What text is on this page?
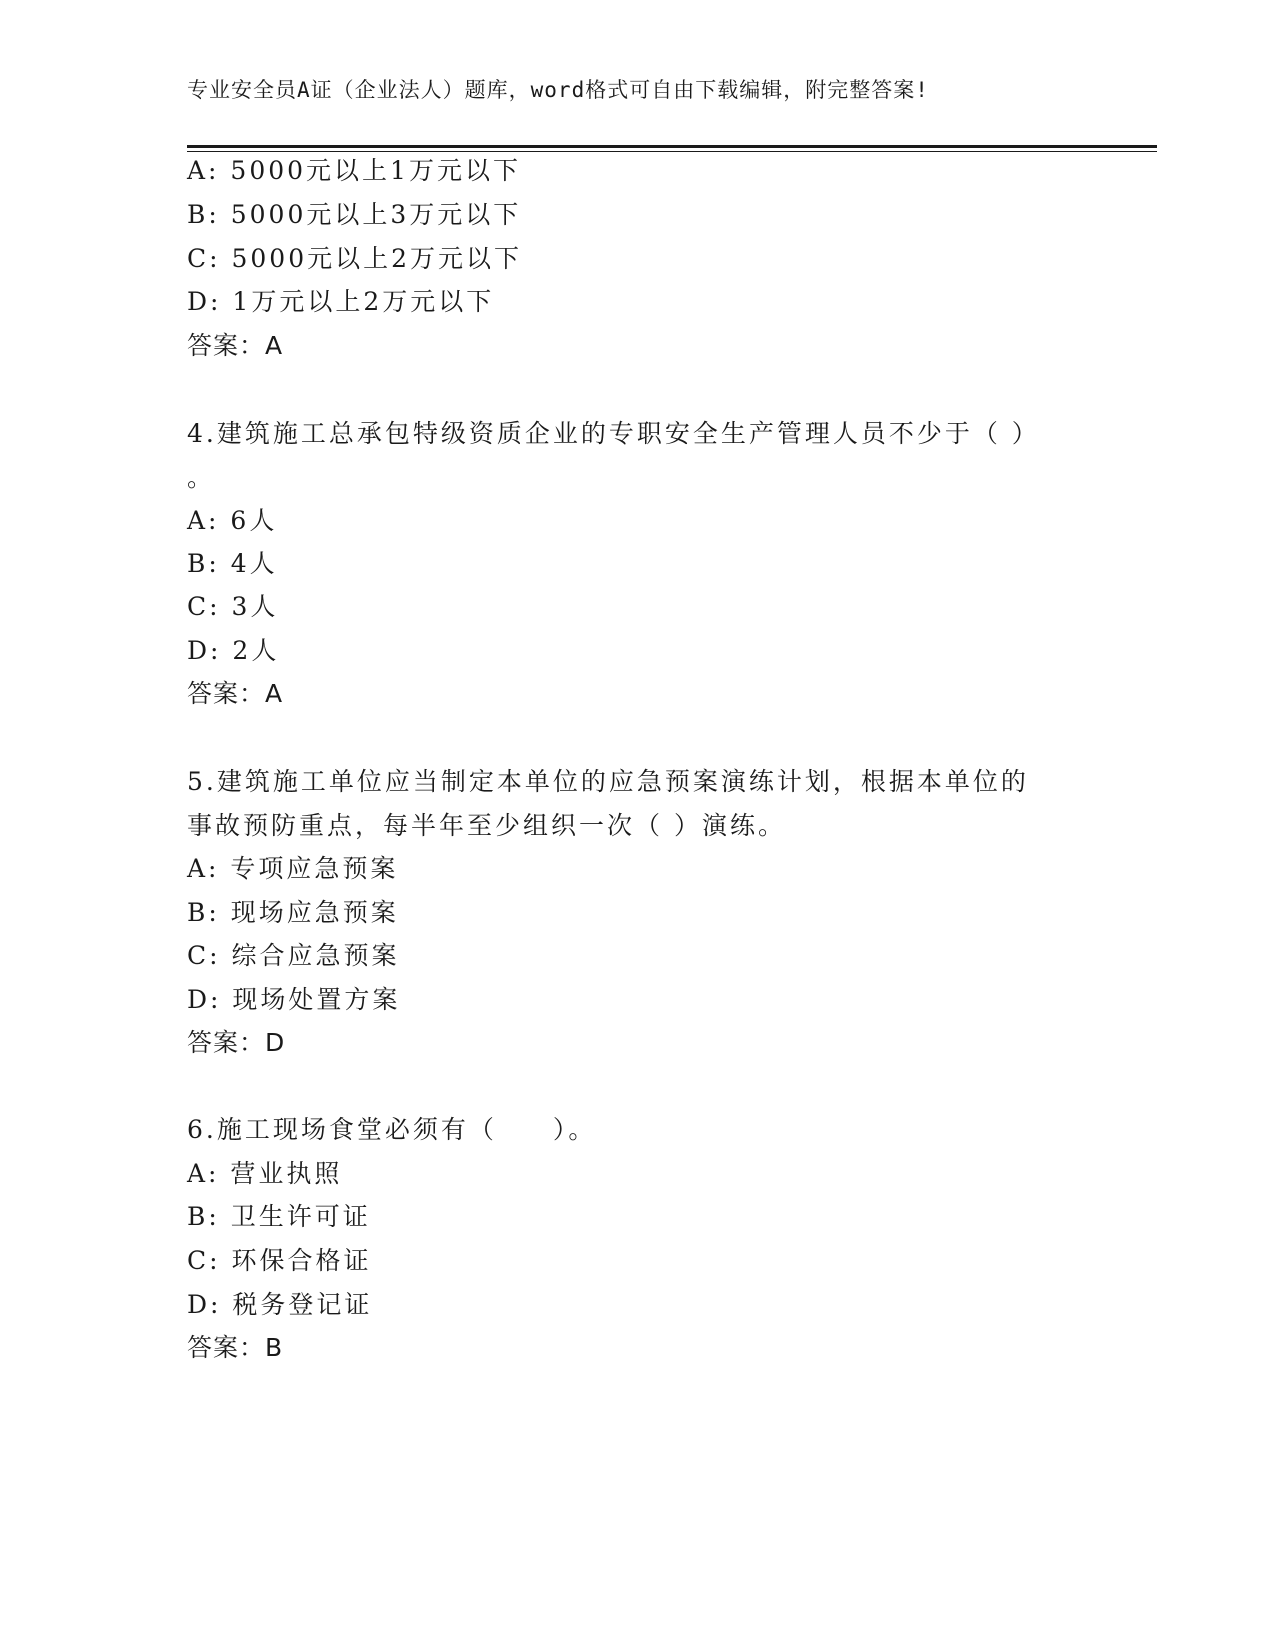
专业安全员A证（企业法人）题库，word格式可自由下载编辑，附完整答案!
A: 5000元以上1万元以下
B: 5000元以上3万元以下
C: 5000元以上2万元以下
D: 1万元以上2万元以下
答案：A
4.建筑施工总承包特级资质企业的专职安全生产管理人员不少于（ ）
。
A: 6人
B: 4人
C: 3人
D: 2人
答案：A
5.建筑施工单位应当制定本单位的应急预案演练计划，根据本单位的
事故预防重点，每半年至少组织一次（ ）演练。
A: 专项应急预案
B: 现场应急预案
C: 综合应急预案
D: 现场处置方案
答案：D
6.施工现场食堂必须有（　　）。
A: 营业执照
B: 卫生许可证
C: 环保合格证
D: 税务登记证
答案：B
